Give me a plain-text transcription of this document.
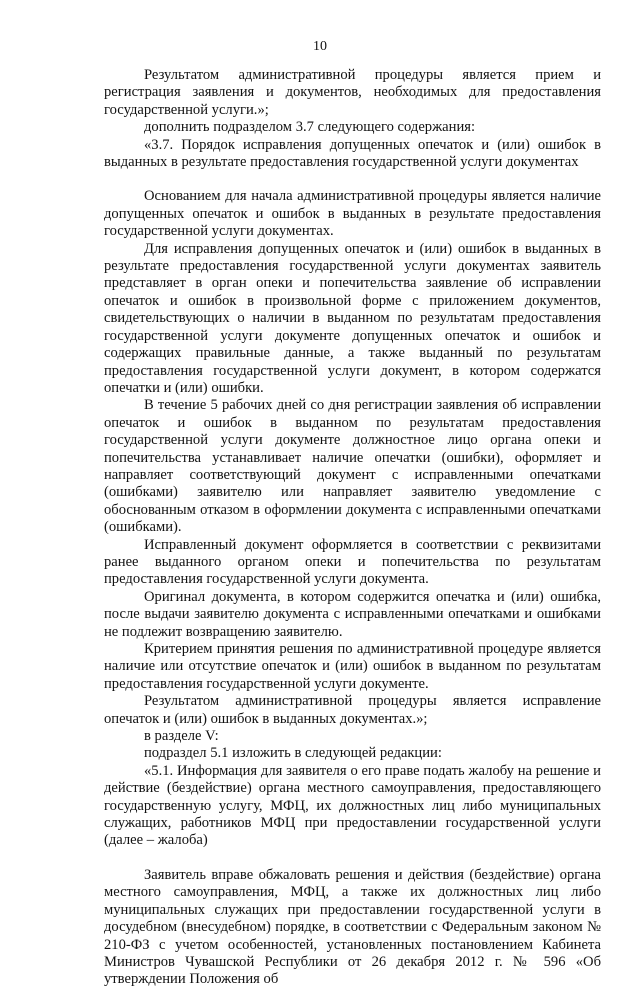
10

Результатом административной процедуры является прием и регистрация заявления и документов, необходимых для предоставления государственной услуги.»;

дополнить подразделом 3.7 следующего содержания:

«3.7. Порядок исправления допущенных опечаток и (или) ошибок в выданных в результате предоставления государственной услуги документах

Основанием для начала административной процедуры является наличие допущенных опечаток и ошибок в выданных в результате предоставления государственной услуги документах.

Для исправления допущенных опечаток и (или) ошибок в выданных в результате предоставления государственной услуги документах заявитель представляет в орган опеки и попечительства заявление об исправлении опечаток и ошибок в произвольной форме с приложением документов, свидетельствующих о наличии в выданном по результатам предоставления государственной услуги документе допущенных опечаток и ошибок и содержащих правильные данные, а также выданный по результатам предоставления государственной услуги документ, в котором содержатся опечатки и (или) ошибки.

В течение 5 рабочих дней со дня регистрации заявления об исправлении опечаток и ошибок в выданном по результатам предоставления государственной услуги документе должностное лицо органа опеки и попечительства устанавливает наличие опечатки (ошибки), оформляет и направляет соответствующий документ с исправленными опечатками (ошибками) заявителю или направляет заявителю уведомление с обоснованным отказом в оформлении документа с исправленными опечатками (ошибками).

Исправленный документ оформляется в соответствии с реквизитами ранее выданного органом опеки и попечительства по результатам предоставления государственной услуги документа.

Оригинал документа, в котором содержится опечатка и (или) ошибка, после выдачи заявителю документа с исправленными опечатками и ошибками не подлежит возвращению заявителю.

Критерием принятия решения по административной процедуре является наличие или отсутствие опечаток и (или) ошибок в выданном по результатам предоставления государственной услуги документе.

Результатом административной процедуры является исправление опечаток и (или) ошибок в выданных документах.»;

в разделе V:

подраздел 5.1 изложить в следующей редакции:

«5.1. Информация для заявителя о его праве подать жалобу на решение и действие (бездействие) органа местного самоуправления, предоставляющего государственную услугу, МФЦ, их должностных лиц либо муниципальных служащих, работников МФЦ при предоставлении государственной услуги (далее – жалоба)

Заявитель вправе обжаловать решения и действия (бездействие) органа местного самоуправления, МФЦ, а также их должностных лиц либо муниципальных служащих при предоставлении государственной услуги в досудебном (внесудебном) порядке, в соответствии с Федеральным законом № 210-ФЗ с учетом особенностей, установленных постановлением Кабинета Министров Чувашской Республики от 26 декабря 2012 г. № 596 «Об утверждении Положения об
